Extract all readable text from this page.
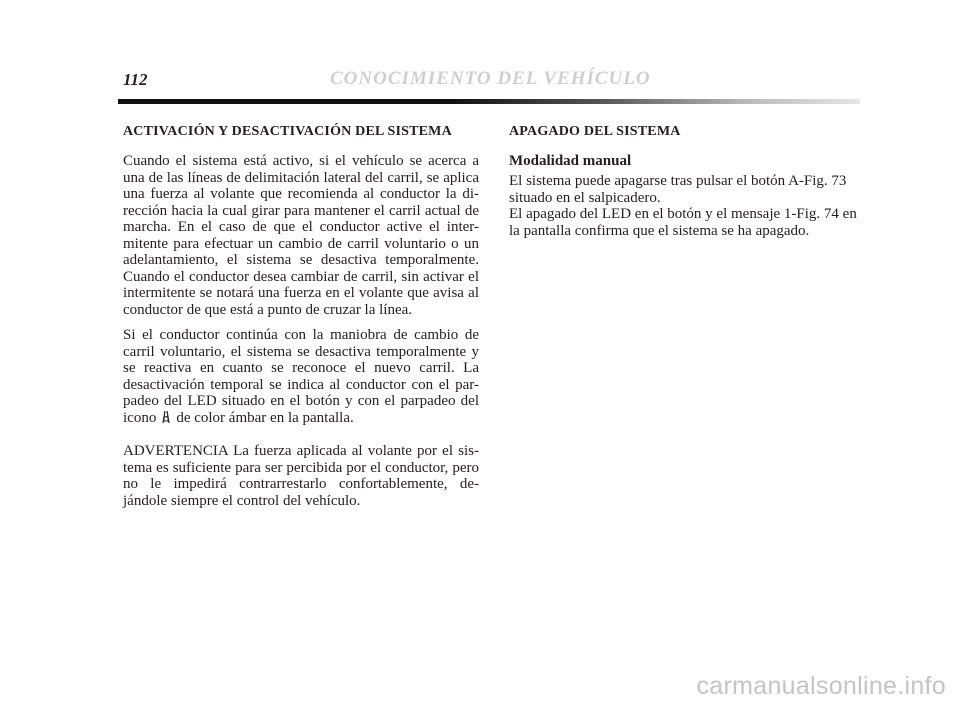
112	CONOCIMIENTO DEL VEHÍCULO
ACTIVACIÓN Y DESACTIVACIÓN DEL SISTEMA

Cuando el sistema está activo, si el vehículo se acerca a una de las líneas de delimitación lateral del carril, se aplica una fuerza al volante que recomienda al conductor la di-rección hacia la cual girar para mantener el carril actual de marcha. En el caso de que el conductor active el inter-mitente para efectuar un cambio de carril voluntario o un adelantamiento, el sistema se desactiva temporalmente. Cuando el conductor desea cambiar de carril, sin activar el intermitente se notará una fuerza en el volante que avisa al conductor de que está a punto de cruzar la línea.

Si el conductor continúa con la maniobra de cambio de carril voluntario, el sistema se desactiva temporalmente y se reactiva en cuanto se reconoce el nuevo carril. La desactivación temporal se indica al conductor con el par-padeo del LED situado en el botón y con el parpadeo del icono de color ámbar en la pantalla.

ADVERTENCIA La fuerza aplicada al volante por el sis-tema es suficiente para ser percibida por el conductor, pero no le impedirá contrarrestarlo confortablemente, de-jándole siempre el control del vehículo.

APAGADO DEL SISTEMA
Modalidad manual
El sistema puede apagarse tras pulsar el botón A-Fig. 73 situado en el salpicadero.
El apagado del LED en el botón y el mensaje 1-Fig. 74 en la pantalla confirma que el sistema se ha apagado.
carmanualsonline.info
